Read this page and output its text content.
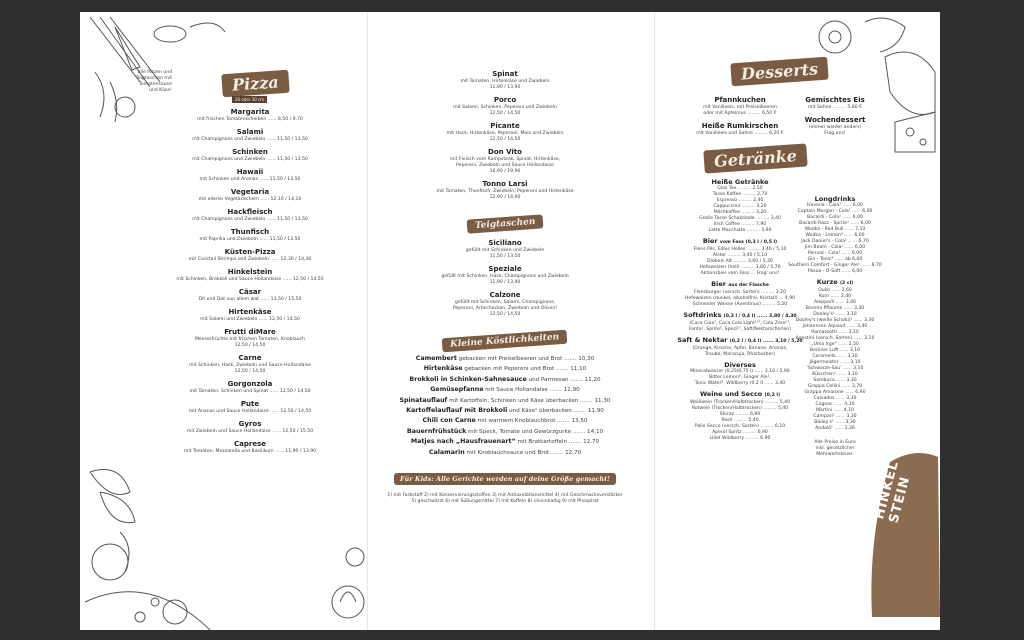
alle Pizzen und
Teigtaschen mit
Tomatensauce
und Käse¹	Pizza
26 oder 30 cm
Margarita
mit frischen Tomatenscheiben ...... 8,50 / 9,70
Salami
mit Champignons und Zwiebeln ...... 11,50 / 13,50
Schinken
mit Champignons und Zwiebeln ...... 11,50 / 13,50
Hawaii
mit Schinken und Ananas ...... 11,50 / 13,50
Vegetaria
mit allerlei Vegetarischem ...... 12,10 / 14,10
Hackfleisch
mit Champignons und Zwiebeln ...... 11,50 / 13,50
Thunfisch
mit Paprika und Zwiebeln ...... 11,50 / 13,50
Küsten-Pizza
mit Cocktail Shrimps und Zwiebeln ...... 12,30 / 14,30
Hinkelstein
mit Schinken, Brokkoli und Sauce Hollandaise ...... 12,50 / 14,50
Cäsar
Dit und Dat vun allem wat ...... 13,50 / 15,50
Hirtenkäse
mit Salami und Zwiebeln ...... 12,50 / 14,50
Frutti diMare
Meeresfrüchte mit frischen Tomaten, Knoblauch
12,50 / 14,50
Carne
mit Schinken, Hack, Zwiebeln und Sauce Hollandaise
12,50 / 14,50
Gorgonzola
mit Tomaten, Schinken und Spinat ...... 12,50 / 14,50
Pute
mit Ananas und Sauce Hollandaise ...... 12,50 / 14,50
Gyros
mit Zwiebeln und Sauce Hollandaise ...... 12,50 / 15,50
Caprese
mit Tomaten, Mozzarella und Basilikum ...... 11,90 / 13,90
Spinat
mit Tomaten, Hirtenkäse und Zwiebeln
11,90 / 13,90
Porco
mit Salami, Schinken, Peperoni und Zwiebeln
12,50 / 14,50
Picante
mit Hack, Hirtenkäse, Peperoni, Mais und Zwiebeln
12,50 / 14,50
Don Vito
mit Fleisch vom Rumpsteak, Spinat, Hirtenkäse,
Peperoni, Zwiebeln und Sauce Hollandaise
16,90 / 19,90
Tonno Larsi
mit Tomaten, Thunfisch, Zwiebeln, Peperoni und Hirtenkäse
12,90 / 14,90
Teigtaschen
Siciliano
gefüllt mit Schinken und Zwiebeln
11,50 / 13,50
Speziale
gefüllt mit Schinken, Hack, Champignons und Zwiebeln
11,90 / 13,90
Calzone
gefüllt mit Schinken, Salami, Champignons,
Peperoni, Artischocken, Zwiebeln und Oliven²
12,50 / 14,50
Kleine Köstlichkeiten
Camembert gebacken mit Preiselbeeren und Brot ....... 10,30
Hirtenkäse gebacken mit Peperoni und Brot ....... 11,10
Brokkoli in Schinken-Sahnesauce und Parmesan ....... 11,20
Gemüsepfanne mit Sauce Hollandaise ....... 11,90
Spinatauflauf mit Kartoffeln, Schinken und Käse überbacken ....... 11,30
Kartoffelauflauf mit Brokkoli und Käse¹ überbacken ....... 11,90
Chili con Carne mit warmem Knoblauchbrot ....... 13,50
Bauernfrühstück mit Speck, Tomate und Gewürzgurke ....... 14,10
Matjes nach „Hausfrauenart“ mit Bratkartoffeln ....... 12,70
Calamarin mit Knoblauchsauce und Brot ....... 12,70
Für Kids: Alle Gerichte werden auf deine Größe gemacht!
1) mit Farbstoff 2) mit Konservierungsstoffen 3) mit Antioxidationsmittel 4) mit Geschmacksverstärker
5) geschwärzt 6) mit Süßungsmittel 7) mit Koffein 8) chininhaltig 9) mit Phosphat
Desserts
Pfannkuchen
mit Vanilleeis, mit Preiselbeeren
oder mit Apfelmus ......... 6,50 €
Heiße Rumkirschen
mit Vanilleeis und Sahne ......... 6,20 €
Getränke
Heiße Getränke
Glas Tee ......... 2,50
Tasse Kaffee ......... 2,70
Espresso ......... 2,40
Cappuccino ......... 3,20
Milchkaffee ......... 3,20
Große Tasse Schokolade ......... 3,40
Irish Coffee ......... 7,90
Latte Macchiato ......... 3,90
Bier vom Fass (0,3 l / 0,5 l)
Flens Pils, Edles Helles ......... 3,40 / 5,10
Alster ......... 3,40 / 5,10
Diebels Alt ......... 3,60 / 5,30
Hefeweizen (hell) ......... 3,80 / 5,70
Aktionsbier vom Fass ... Frag' uns!
Bier aus der Flasche
Flensburger (versch. Sorten) ......... 3,20
Hefeweizen (dunkel, alkoholfrei, Kristall) ... 4,90
Schneider Weisse (Aventinus) ......... 5,20
Softdrinks (0,2 l / 0,4 l) ...... 2,80 / 4,30
(Coca Cola⁷, Coca Cola Light¹³⁷, Cola Zero⁵⁷,
Fanta¹, Sprite⁵, Spezi¹⁷, Saft/Nektarschorlen)
Saft & Nektar (0,2 l / 0,4 l) ...... 3,10 / 5,20
(Orange, Kirsche, Apfel, Banane, Ananas,
Traube, Maracuja, Rharbarber)
Diverses
Mineralwasser (0,25/0,75 l) ...... 3,10 / 5,90
Bitter Lemon⁸, Ginger Ale¹,
Tonic Water⁸, Wildberry (0,2 l) ...... 3,40
Weine und Secco (0,2 l)
Weißwein (Trocken/Halbtrocken) ......... 5,40
Rotwein (Trocken/Halbtrocken) ......... 5,40
Shiraz ......... 6,90
Rosé ......... 5,40
Palio Secco (versch. Sorten) ......... 6,10
Aperol Spritz ......... 6,90
Lillet Wildberry ......... 6,90
Gemischtes Eis
mit Sahne ......... 5,60 €
Wochendessert
(immer wieder anders)
Frag uns!
Longdrinks
Havana - Cola¹ ...... 6,00
Captain Morgan - Cola¹ ...... 6,00
Bacardi - Cola¹ ...... 6,00
Bacardi-Razz - Sprite¹ ...... 6,00
Wodka - Red Bull ...... 7,10
Wodka - Lemon⁸ ...... 6,00
Jack Daniel's - Cola¹ ...... 6,70
Jim Beam - Cola¹ ...... 6,00
Pernod - Cola¹ ...... 6,00
Gin - Tonic⁸ ...... ab 6,00
Southern Comfort - Ginger Ale¹ ...... 6,70
Pasoa - O-Saft ...... 6,00
Kurze (2 cl)
Ouzo ...... 2,60
Korn ...... 2,40
Aleppo/ll ...... 3,40
Boremi Pflaume ...... 3,30
Dooley's¹ ...... 3,10
Dooley's (weiße Schoki)¹ ...... 3,30
Johannsen Aquavit ...... 3,40
Ramazzotti ...... 3,10
Agostini (versch. Sorten) ...... 3,10
„Uma Irge“ ...... 2,50
Berliner Luft ...... 3,10
Caramello ...... 3,30
Jägermeister ...... 3,10
'Schwarze-Sau' ...... 3,10
Küsschen¹ ...... 3,10
Sambuca ...... 3,30
Grappa Cellini ...... 3,70
Grappa Amarone ...... 6,90
Calvados ...... 3,30
Cognac ...... 4,10
Martini ...... 4,10
Campari¹ ...... 3,30
Bailey's¹ ...... 3,30
Andalö¹ ...... 3,30
Alle Preise in Euro
inkl. gesetzlicher
Mehrwertsteuer.
HINKEL STEIN
